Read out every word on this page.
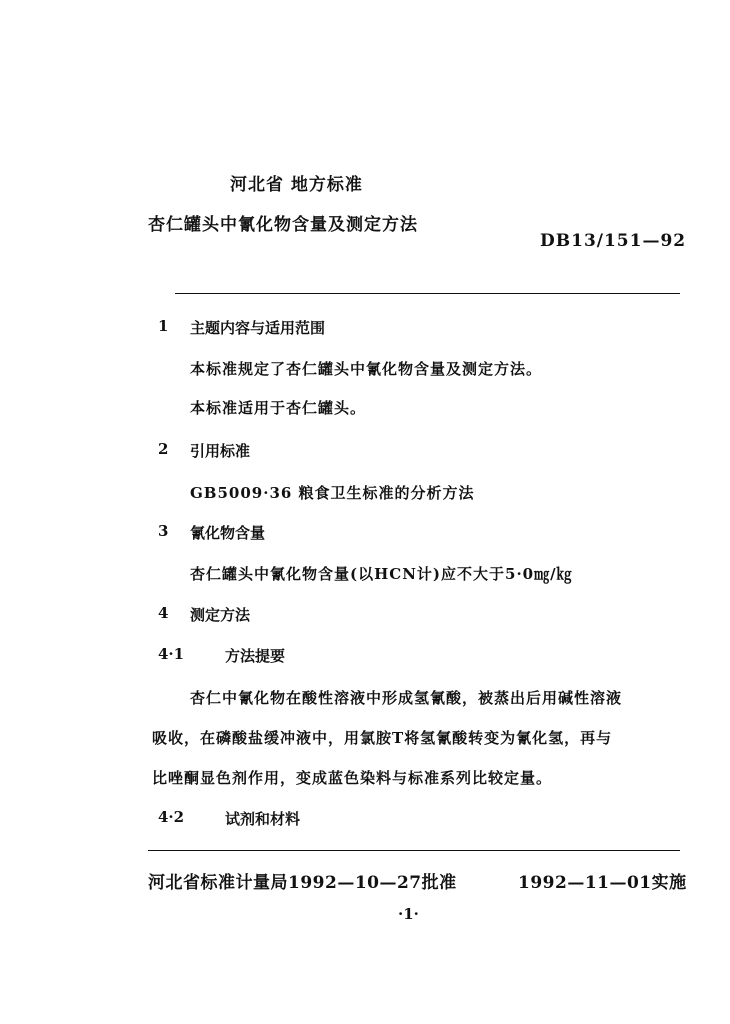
河北省 地方标准
杏仁罐头中氰化物含量及测定方法
DB13/151—92
1 主题内容与适用范围
本标准规定了杏仁罐头中氰化物含量及测定方法。
本标准适用于杏仁罐头。
2 引用标准
GB5009·36 粮食卫生标准的分析方法
3 氰化物含量
杏仁罐头中氰化物含量(以HCN计)应不大于5·0㎎/㎏
4 测定方法
4·1	方法提要
杏仁中氰化物在酸性溶液中形成氢氰酸，被蒸出后用碱性溶液
吸收，在磷酸盐缓冲液中，用氯胺T将氢氰酸转变为氰化氢，再与
比唑酮显色剂作用，变成蓝色染料与标准系列比较定量。
4·2	试剂和材料
河北省标准计量局1992—10—27批准	1992—11—01实施
·1·
